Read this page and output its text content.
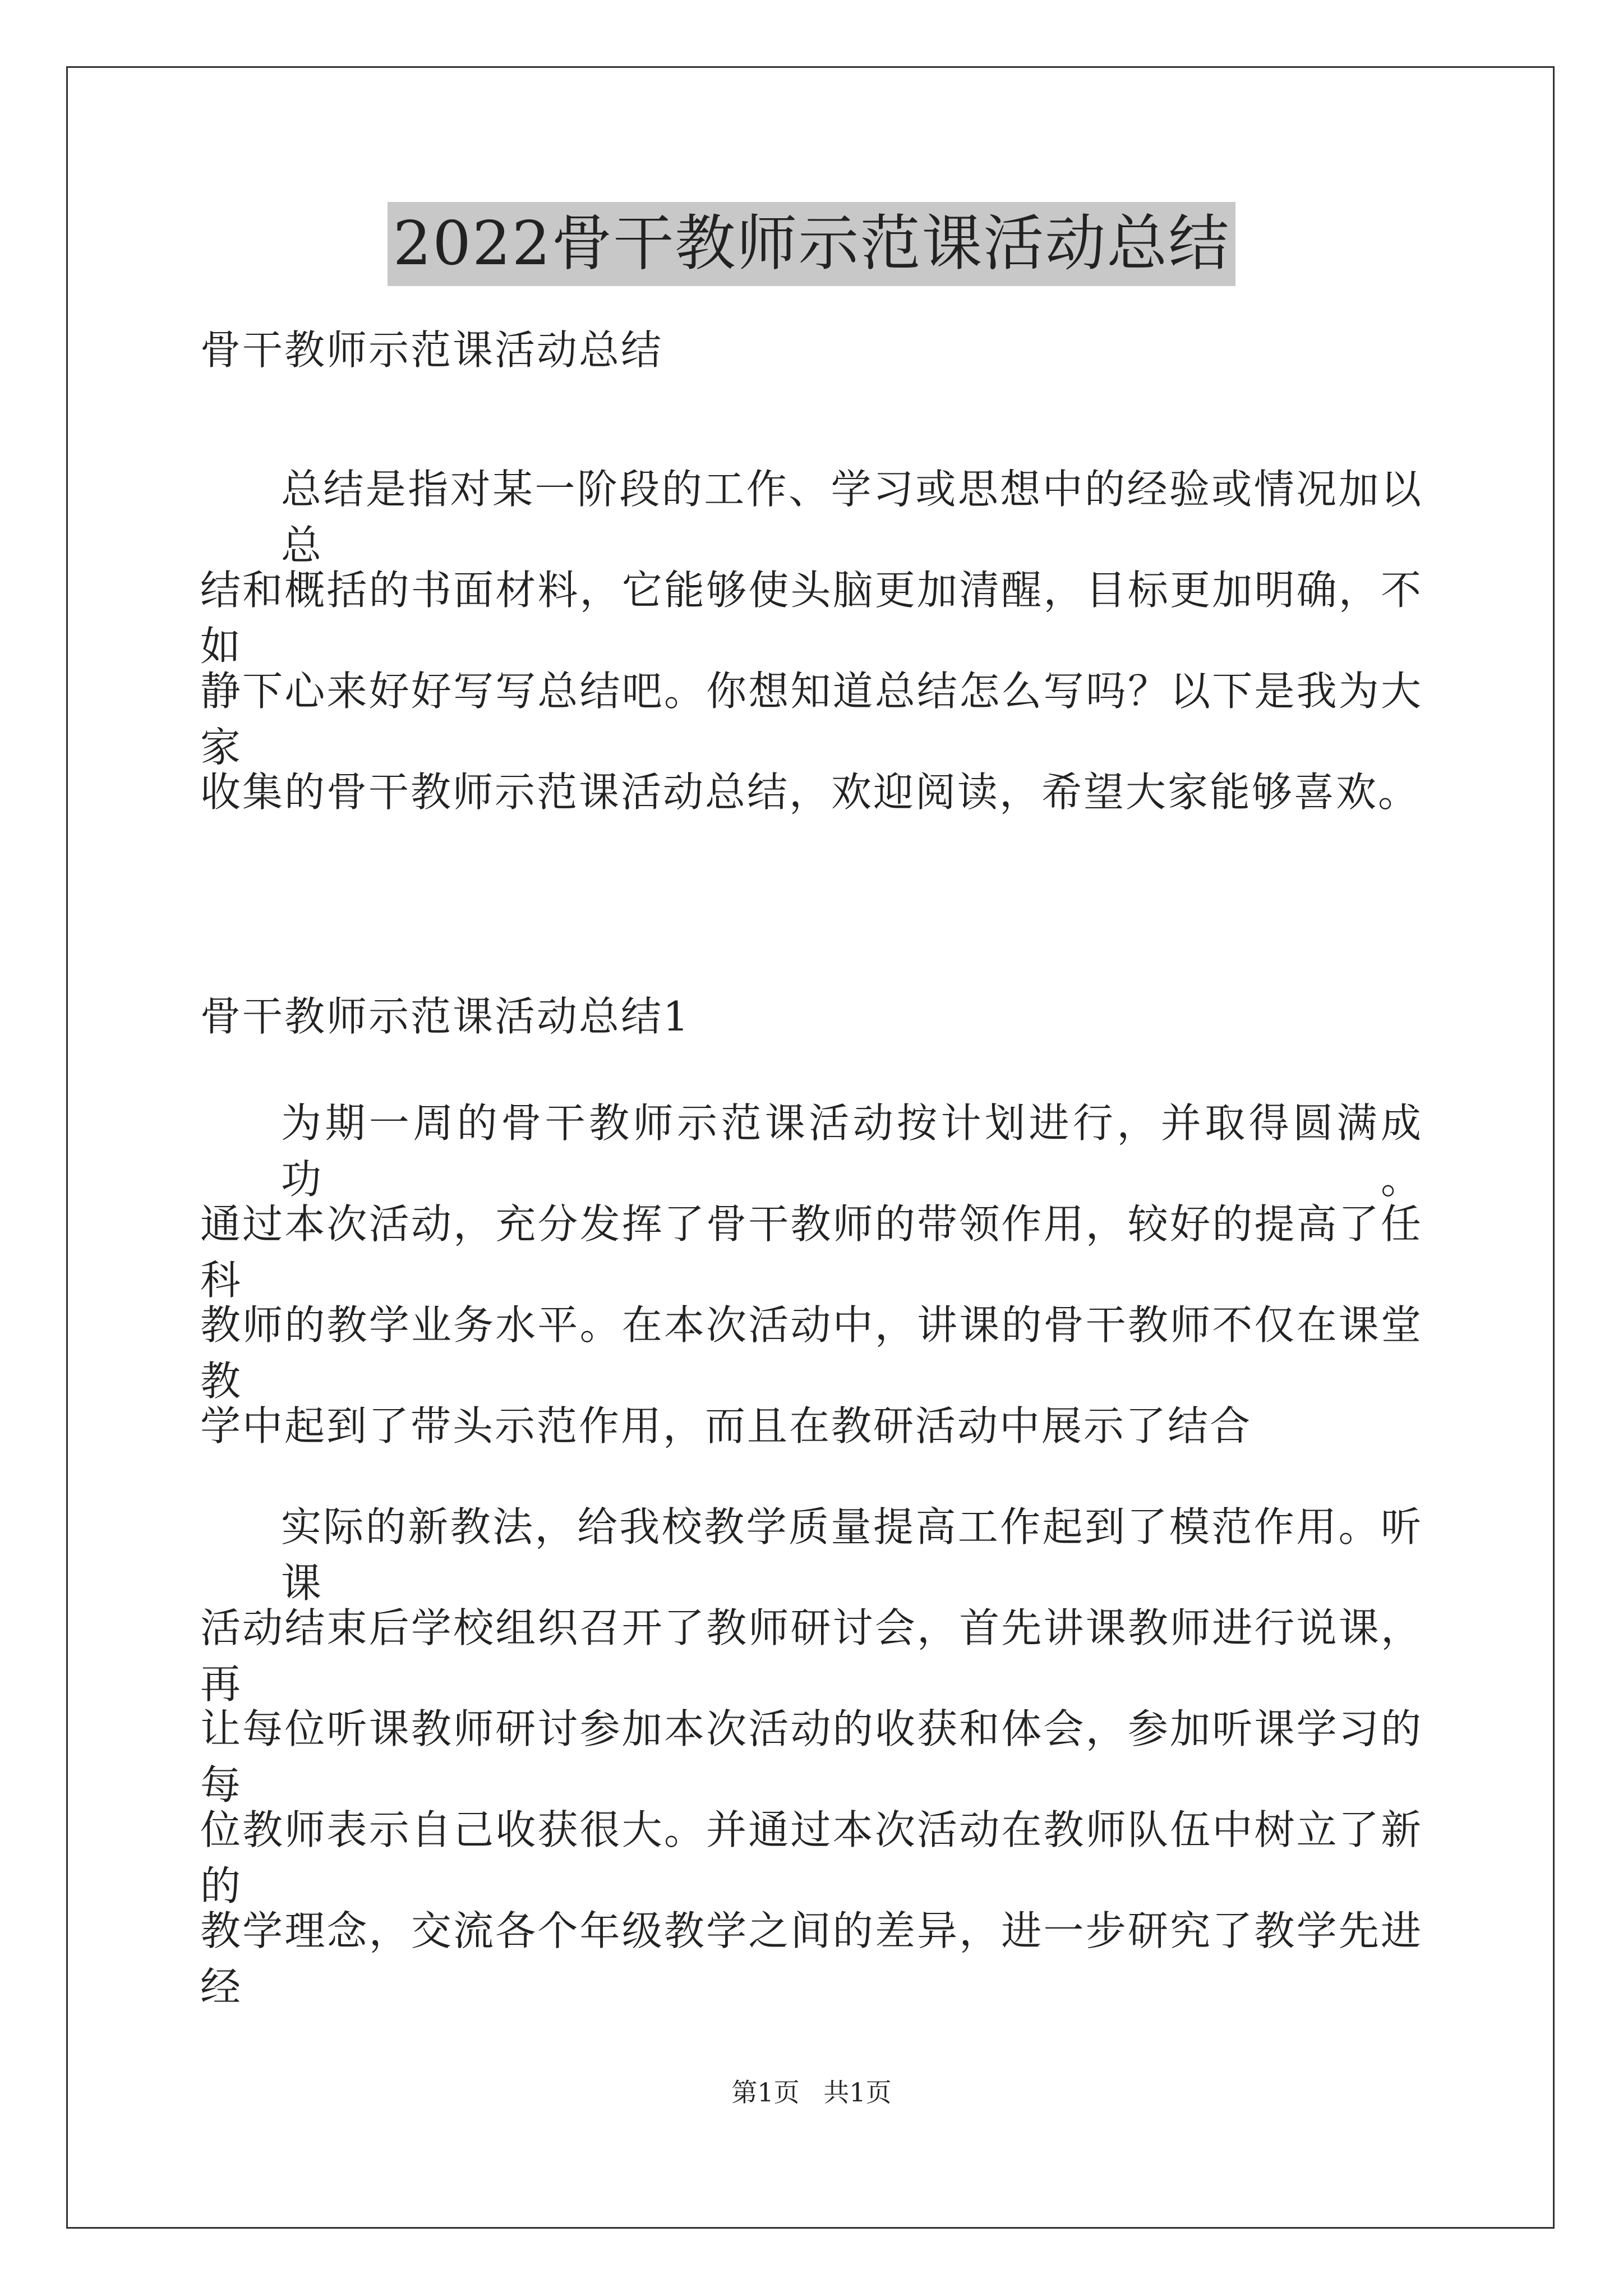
2022骨干教师示范课活动总结
骨干教师示范课活动总结
总结是指对某一阶段的工作、学习或思想中的经验或情况加以总
结和概括的书面材料，它能够使头脑更加清醒，目标更加明确，不如
静下心来好好写写总结吧。你想知道总结怎么写吗？以下是我为大家
收集的骨干教师示范课活动总结，欢迎阅读，希望大家能够喜欢。
骨干教师示范课活动总结1
为期一周的骨干教师示范课活动按计划进行，并取得圆满成功。
通过本次活动，充分发挥了骨干教师的带领作用，较好的提高了任科
教师的教学业务水平。在本次活动中，讲课的骨干教师不仅在课堂教
学中起到了带头示范作用，而且在教研活动中展示了结合
实际的新教法，给我校教学质量提高工作起到了模范作用。听课
活动结束后学校组织召开了教师研讨会，首先讲课教师进行说课，再
让每位听课教师研讨参加本次活动的收获和体会，参加听课学习的每
位教师表示自己收获很大。并通过本次活动在教师队伍中树立了新的
教学理念，交流各个年级教学之间的差异，进一步研究了教学先进经
第1页 共1页
